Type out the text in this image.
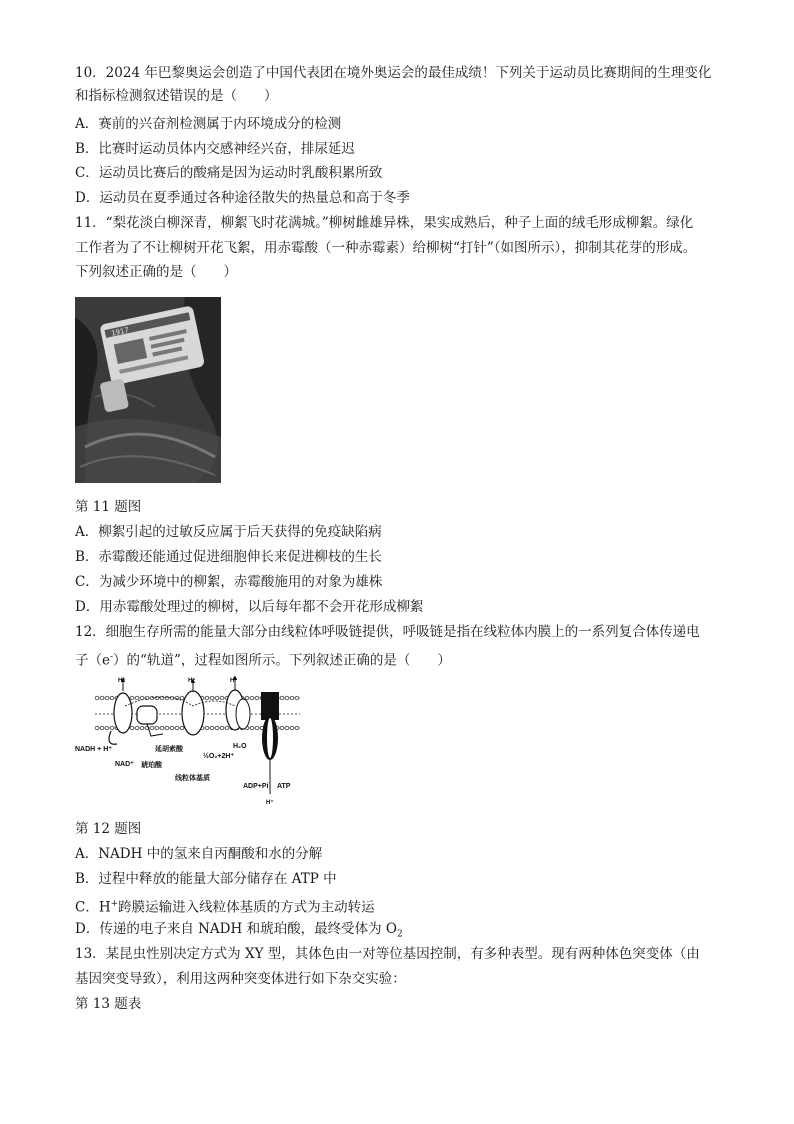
10．2024 年巴黎奥运会创造了中国代表团在境外奥运会的最佳成绩！下列关于运动员比赛期间的生理变化
和指标检测叙述错误的是（　　）
A．赛前的兴奋剂检测属于内环境成分的检测
B．比赛时运动员体内交感神经兴奋，排尿延迟
C．运动员比赛后的酸痛是因为运动时乳酸积累所致
D．运动员在夏季通过各种途径散失的热量总和高于冬季
11．“梨花淡白柳深青，柳絮飞时花满城。”柳树雌雄异株，果实成熟后，种子上面的绒毛形成柳絮。绿化
工作者为了不让柳树开花飞絮，用赤霉酸（一种赤霉素）给柳树“打针”（如图所示），抑制其花芽的形成。
下列叙述正确的是（　　）
1917
第 11 题图
A．柳絮引起的过敏反应属于后天获得的免疫缺陷病
B．赤霉酸还能通过促进细胞伸长来促进柳枝的生长
C．为减少环境中的柳絮，赤霉酸施用的对象为雄株
D．用赤霉酸处理过的柳树，以后每年都不会开花形成柳絮
12．细胞生存所需的能量大部分由线粒体呼吸链提供，呼吸链是指在线粒体内膜上的一系列复合体传递电
子（e-）的“轨道”，过程如图所示。下列叙述正确的是（　　）
H⁺	H⁺	H⁺
NADH + H⁺
NAD⁺ 琥珀酸
延胡索酸
½O₂+2H⁺
H₂O
线粒体基质
ADP+Pi ATP
H⁺
第 12 题图
A．NADH 中的氢来自丙酮酸和水的分解
B．过程中释放的能量大部分储存在 ATP 中
C．H+跨膜运输进入线粒体基质的方式为主动转运
D．传递的电子来自 NADH 和琥珀酸，最终受体为 $O_2$
13．某昆虫性别决定方式为 XY 型，其体色由一对等位基因控制，有多种表型。现有两种体色突变体（由
基因突变导致），利用这两种突变体进行如下杂交实验：
第 13 题表
